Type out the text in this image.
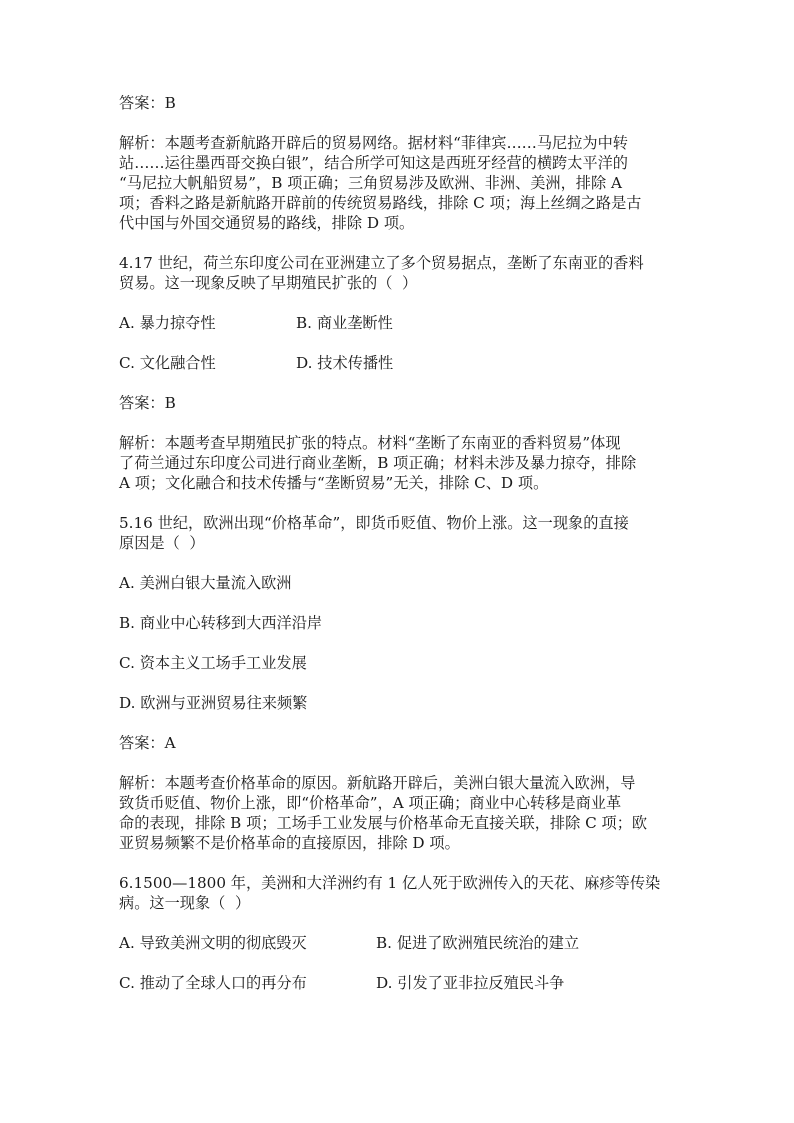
答案：B

解析：本题考查新航路开辟后的贸易网络。据材料“菲律宾……马尼拉为中转

站……运往墨西哥交换白银”，结合所学可知这是西班牙经营的横跨太平洋的

“马尼拉大帆船贸易”，B 项正确；三角贸易涉及欧洲、非洲、美洲，排除 A

项；香料之路是新航路开辟前的传统贸易路线，排除 C 项；海上丝绸之路是古

代中国与外国交通贸易的路线，排除 D 项。

4.17 世纪，荷兰东印度公司在亚洲建立了多个贸易据点，垄断了东南亚的香料

贸易。这一现象反映了早期殖民扩张的（  ）

A. 暴力掠夺性	B. 商业垄断性
C. 文化融合性	D. 技术传播性

答案：B

解析：本题考查早期殖民扩张的特点。材料“垄断了东南亚的香料贸易”体现

了荷兰通过东印度公司进行商业垄断，B 项正确；材料未涉及暴力掠夺，排除

A 项；文化融合和技术传播与“垄断贸易”无关，排除 C、D 项。

5.16 世纪，欧洲出现“价格革命”，即货币贬值、物价上涨。这一现象的直接

原因是（  ）

A. 美洲白银大量流入欧洲

B. 商业中心转移到大西洋沿岸

C. 资本主义工场手工业发展

D. 欧洲与亚洲贸易往来频繁

答案：A

解析：本题考查价格革命的原因。新航路开辟后，美洲白银大量流入欧洲，导

致货币贬值、物价上涨，即“价格革命”，A 项正确；商业中心转移是商业革

命的表现，排除 B 项；工场手工业发展与价格革命无直接关联，排除 C 项；欧

亚贸易频繁不是价格革命的直接原因，排除 D 项。

6.1500—1800 年，美洲和大洋洲约有 1 亿人死于欧洲传入的天花、麻疹等传染

病。这一现象（  ）

A. 导致美洲文明的彻底毁灭	B. 促进了欧洲殖民统治的建立
C. 推动了全球人口的再分布	D. 引发了亚非拉反殖民斗争
